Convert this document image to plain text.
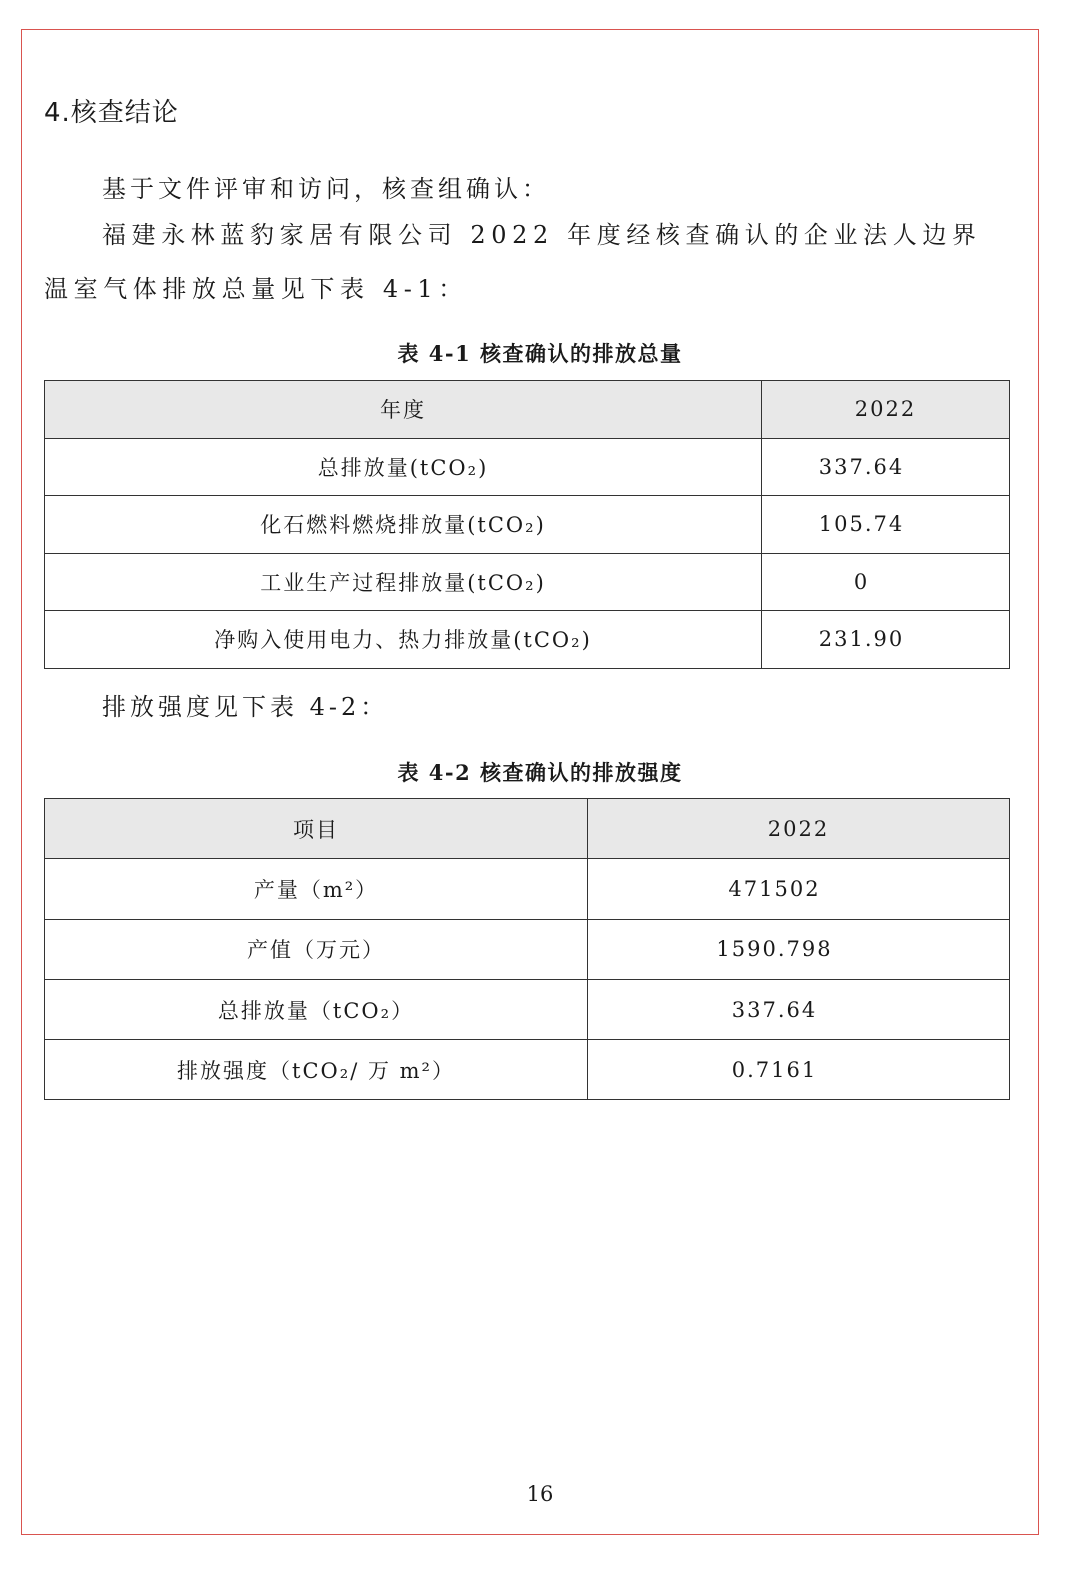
4.核查结论
基于文件评审和访问，核查组确认：
福建永林蓝豹家居有限公司 2022 年度经核查确认的企业法人边界温室气体排放总量见下表 4-1：
表 4-1 核查确认的排放总量
年度	2022
总排放量(tCO₂)	337.64
化石燃料燃烧排放量(tCO₂)	105.74
工业生产过程排放量(tCO₂)	0
净购入使用电力、热力排放量(tCO₂)	231.90
排放强度见下表 4-2：
表 4-2 核查确认的排放强度
项目	2022
产量（m²）	471502
产值（万元）	1590.798
总排放量（tCO₂）	337.64
排放强度（tCO₂/ 万 m²）	0.7161
16
